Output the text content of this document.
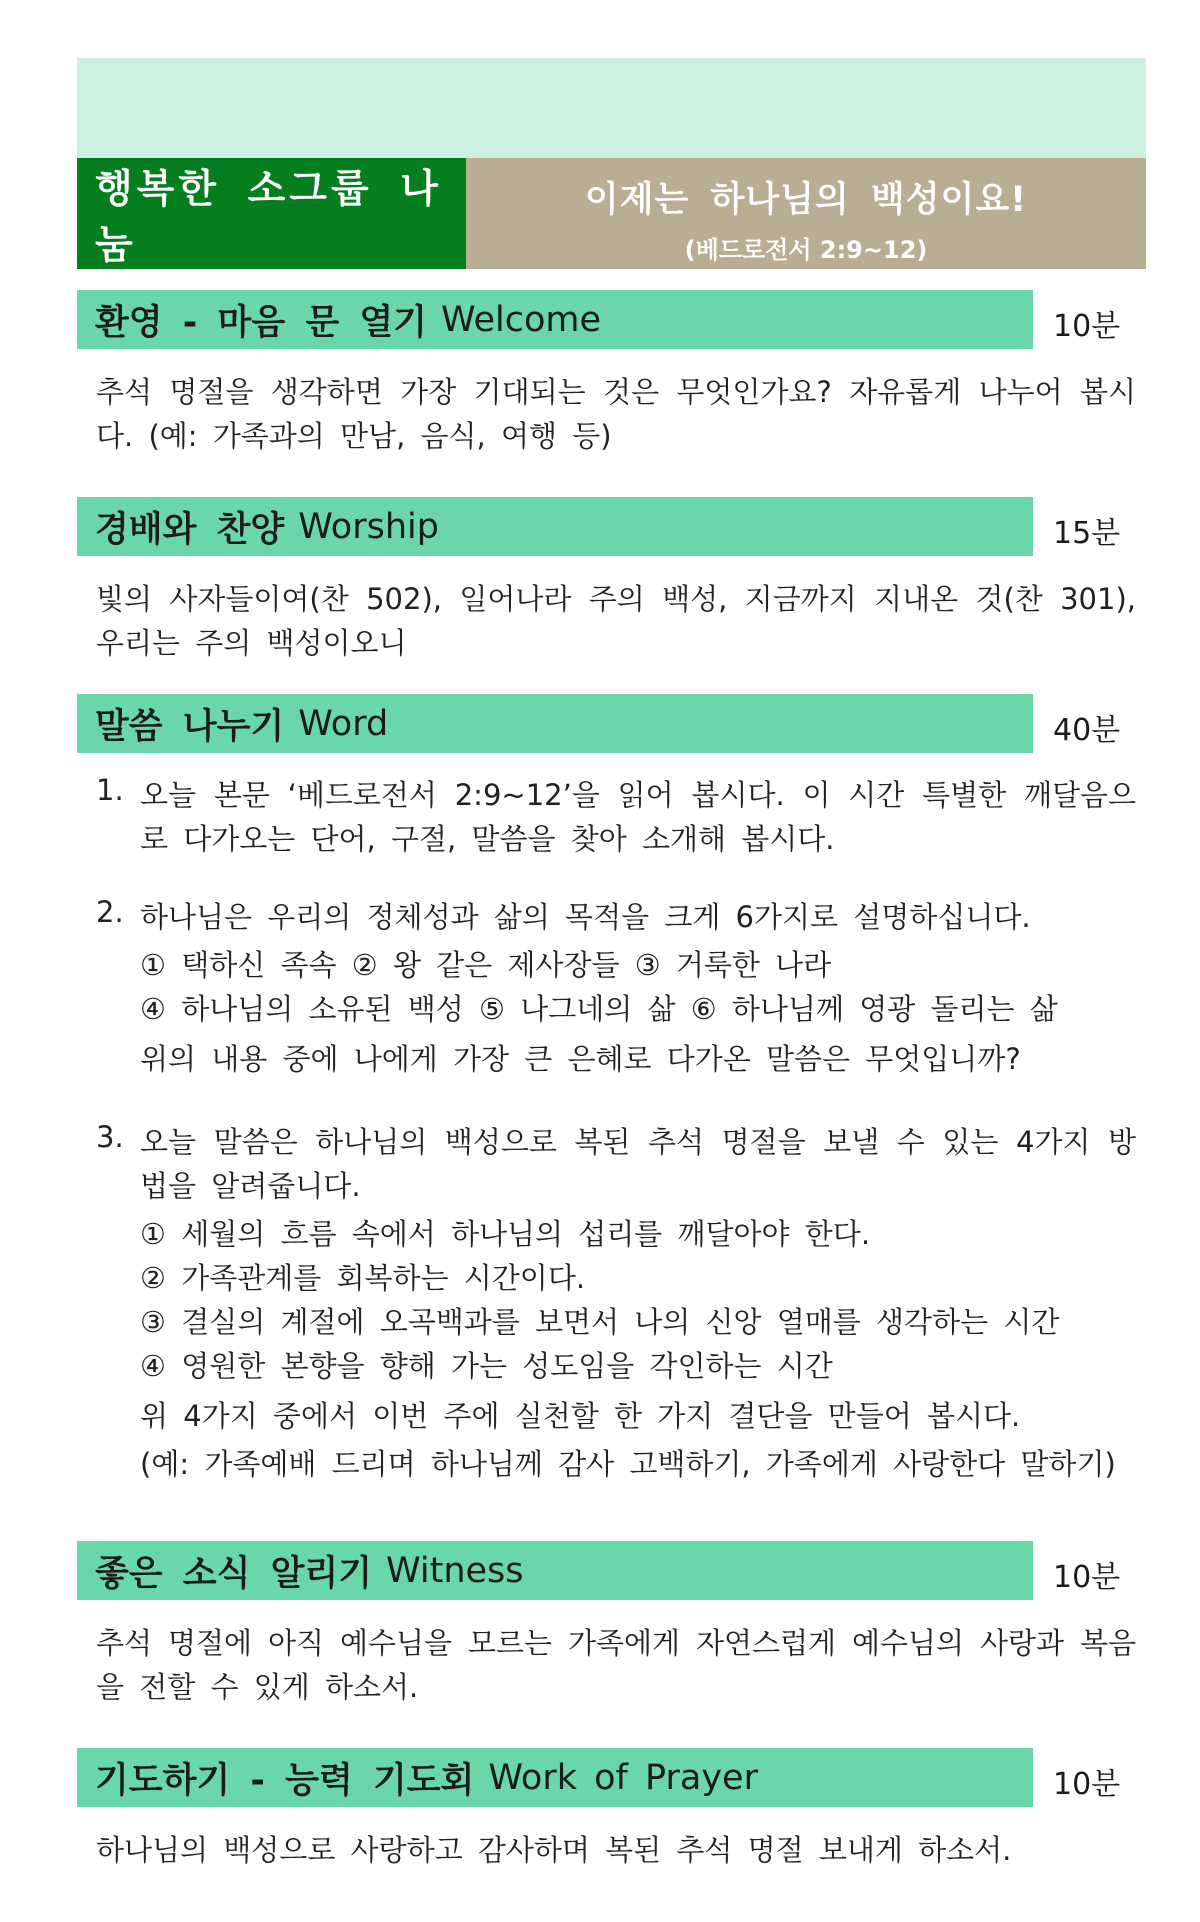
행복한 소그룹 나눔
이제는 하나님의 백성이요!
(베드로전서 2:9~12)
환영 - 마음 문 열기 Welcome	10분
추석 명절을 생각하면 가장 기대되는 것은 무엇인가요? 자유롭게 나누어 봅시다. (예: 가족과의 만남, 음식, 여행 등)
경배와 찬양 Worship	15분
빛의 사자들이여(찬 502), 일어나라 주의 백성, 지금까지 지내온 것(찬 301), 우리는 주의 백성이오니
말씀 나누기 Word	40분
1. 오늘 본문 ‘베드로전서 2:9~12’을 읽어 봅시다. 이 시간 특별한 깨달음으로 다가오는 단어, 구절, 말씀을 찾아 소개해 봅시다.
2. 하나님은 우리의 정체성과 삶의 목적을 크게 6가지로 설명하십니다.
① 택하신 족속 ② 왕 같은 제사장들 ③ 거룩한 나라
④ 하나님의 소유된 백성 ⑤ 나그네의 삶 ⑥ 하나님께 영광 돌리는 삶
위의 내용 중에 나에게 가장 큰 은혜로 다가온 말씀은 무엇입니까?
3. 오늘 말씀은 하나님의 백성으로 복된 추석 명절을 보낼 수 있는 4가지 방법을 알려줍니다.
① 세월의 흐름 속에서 하나님의 섭리를 깨달아야 한다.
② 가족관계를 회복하는 시간이다.
③ 결실의 계절에 오곡백과를 보면서 나의 신앙 열매를 생각하는 시간
④ 영원한 본향을 향해 가는 성도임을 각인하는 시간
위 4가지 중에서 이번 주에 실천할 한 가지 결단을 만들어 봅시다.
(예: 가족예배 드리며 하나님께 감사 고백하기, 가족에게 사랑한다 말하기)
좋은 소식 알리기 Witness	10분
추석 명절에 아직 예수님을 모르는 가족에게 자연스럽게 예수님의 사랑과 복음을 전할 수 있게 하소서.
기도하기 - 능력 기도회 Work of Prayer	10분
하나님의 백성으로 사랑하고 감사하며 복된 추석 명절 보내게 하소서.
